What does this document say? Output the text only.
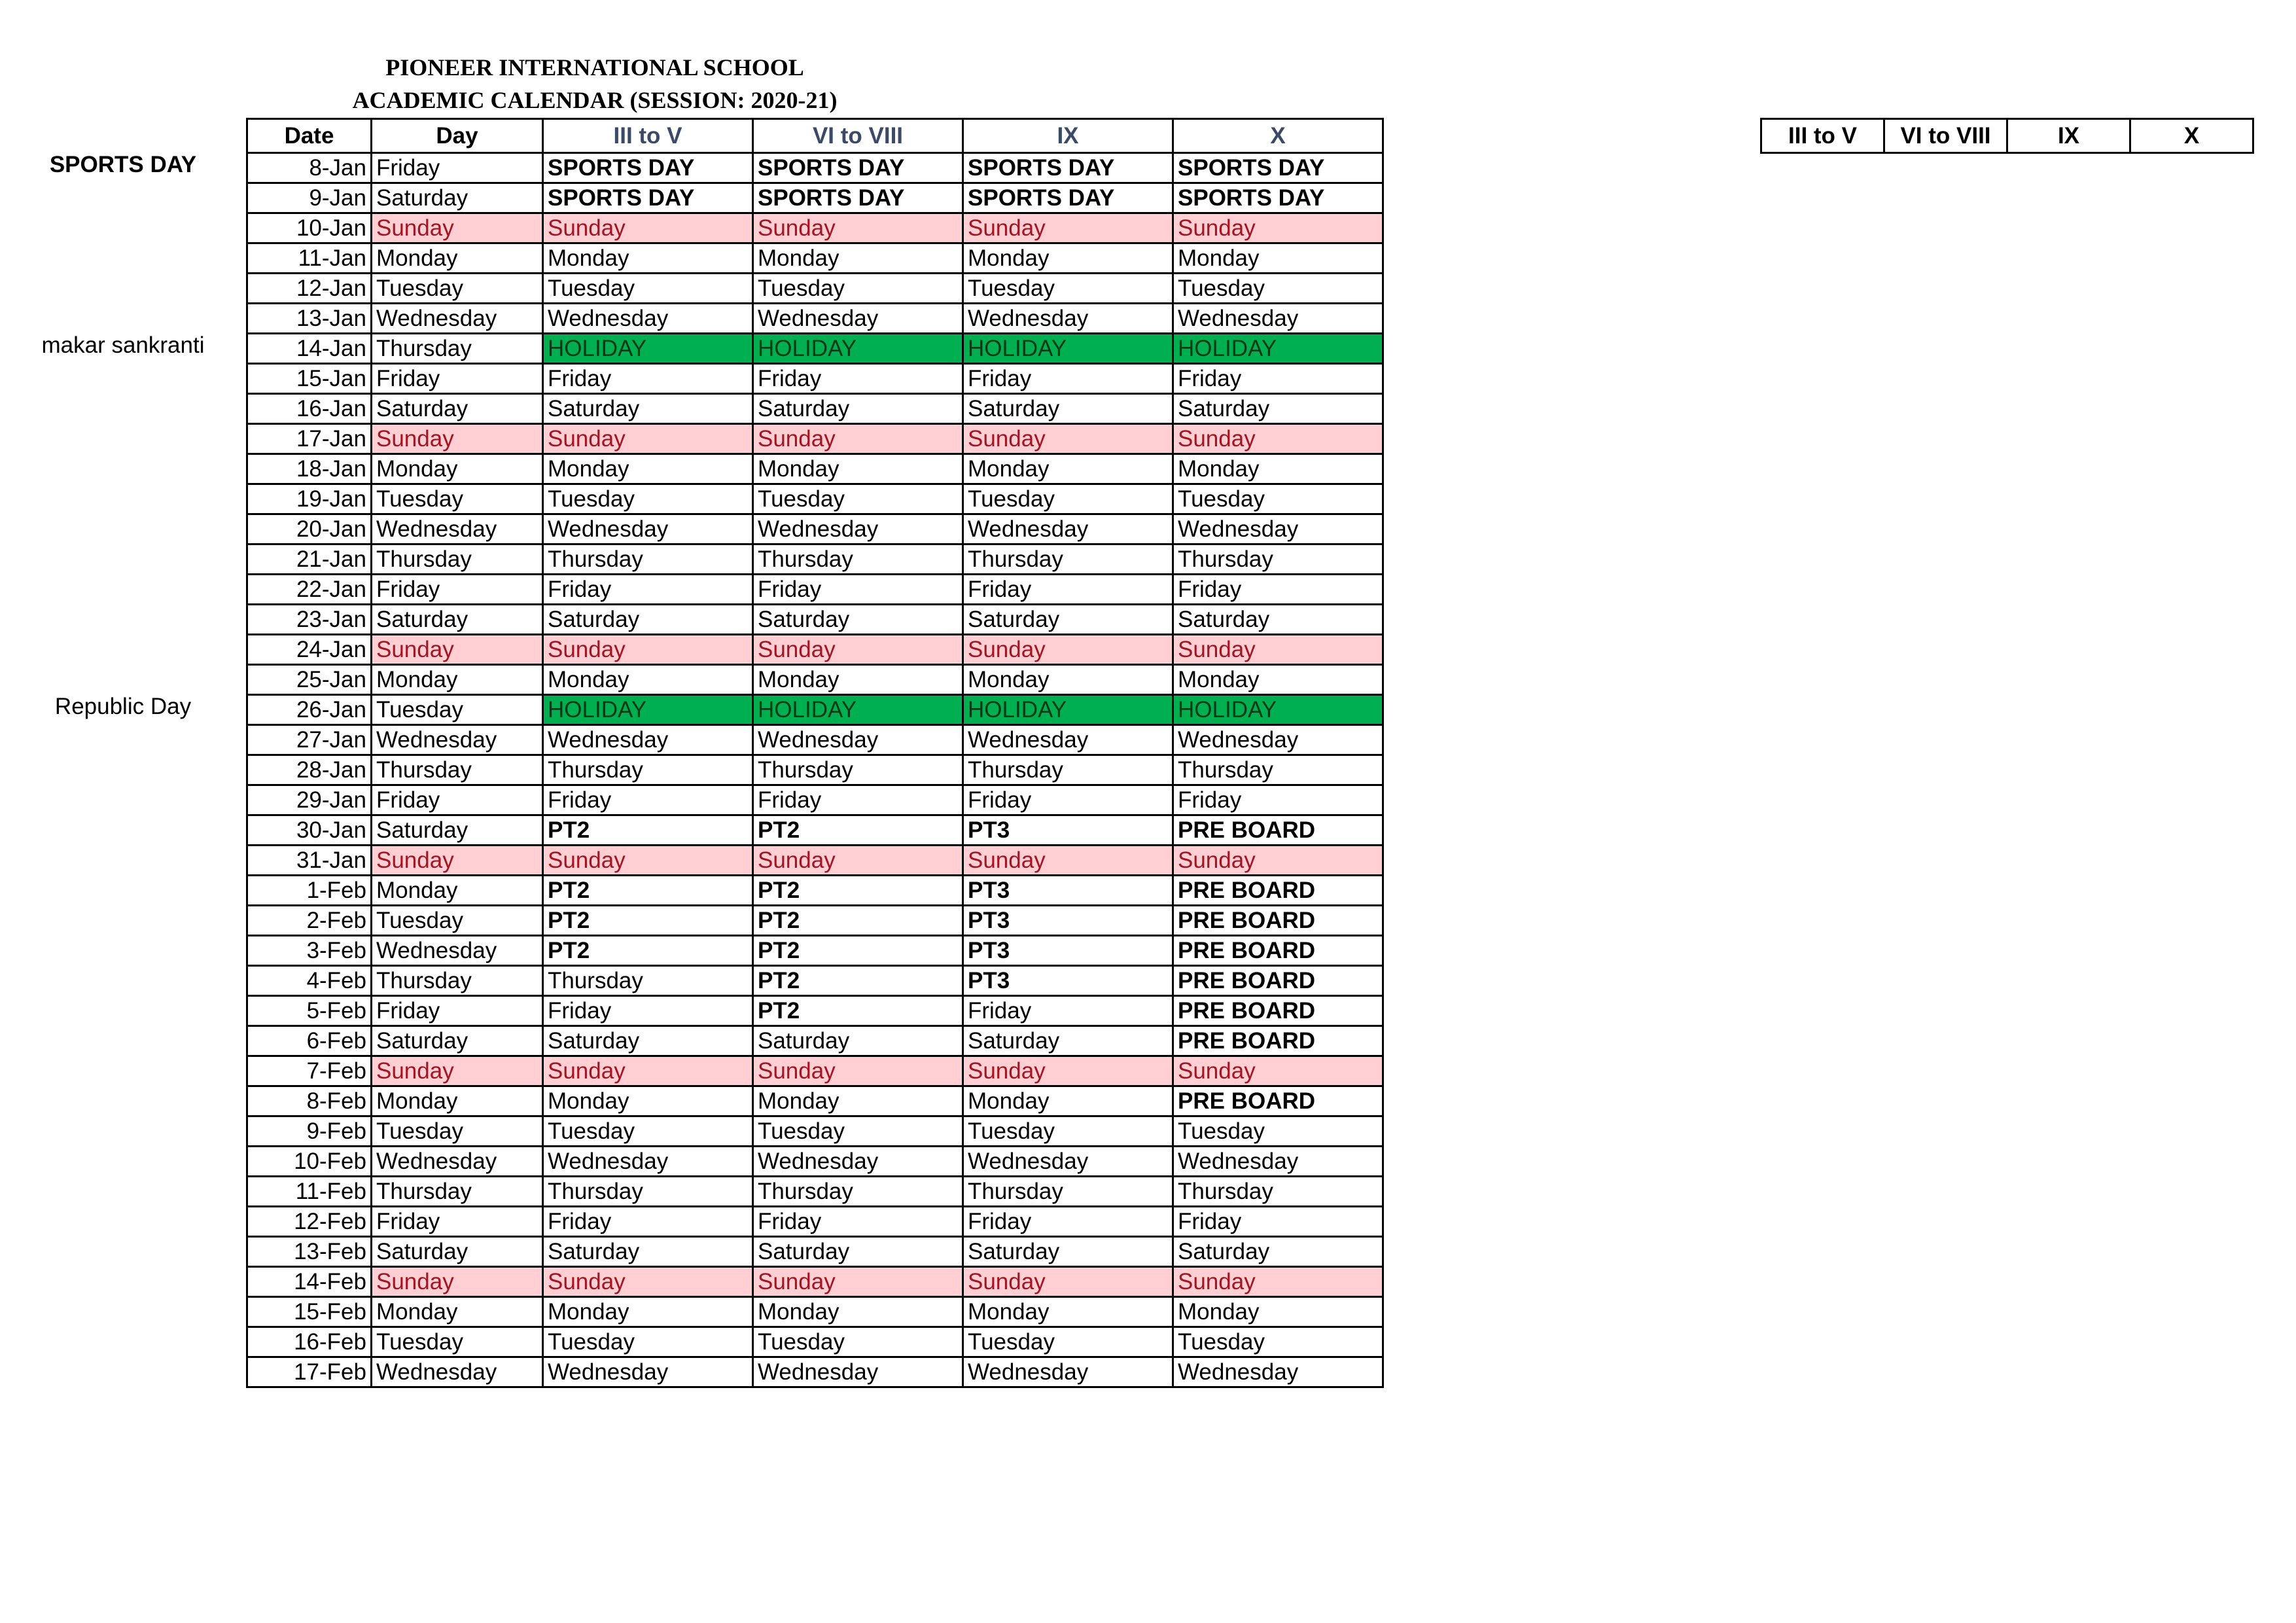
PIONEER INTERNATIONAL SCHOOL
ACADEMIC CALENDAR (SESSION: 2020-21)
Date	Day	III to V	VI to VIII	IX	X
8-Jan	Friday	SPORTS DAY	SPORTS DAY	SPORTS DAY	SPORTS DAY
9-Jan	Saturday	SPORTS DAY	SPORTS DAY	SPORTS DAY	SPORTS DAY
10-Jan	Sunday	Sunday	Sunday	Sunday	Sunday
11-Jan	Monday	Monday	Monday	Monday	Monday
12-Jan	Tuesday	Tuesday	Tuesday	Tuesday	Tuesday
13-Jan	Wednesday	Wednesday	Wednesday	Wednesday	Wednesday
14-Jan	Thursday	HOLIDAY	HOLIDAY	HOLIDAY	HOLIDAY
15-Jan	Friday	Friday	Friday	Friday	Friday
16-Jan	Saturday	Saturday	Saturday	Saturday	Saturday
17-Jan	Sunday	Sunday	Sunday	Sunday	Sunday
18-Jan	Monday	Monday	Monday	Monday	Monday
19-Jan	Tuesday	Tuesday	Tuesday	Tuesday	Tuesday
20-Jan	Wednesday	Wednesday	Wednesday	Wednesday	Wednesday
21-Jan	Thursday	Thursday	Thursday	Thursday	Thursday
22-Jan	Friday	Friday	Friday	Friday	Friday
23-Jan	Saturday	Saturday	Saturday	Saturday	Saturday
24-Jan	Sunday	Sunday	Sunday	Sunday	Sunday
25-Jan	Monday	Monday	Monday	Monday	Monday
26-Jan	Tuesday	HOLIDAY	HOLIDAY	HOLIDAY	HOLIDAY
27-Jan	Wednesday	Wednesday	Wednesday	Wednesday	Wednesday
28-Jan	Thursday	Thursday	Thursday	Thursday	Thursday
29-Jan	Friday	Friday	Friday	Friday	Friday
30-Jan	Saturday	PT2	PT2	PT3	PRE BOARD
31-Jan	Sunday	Sunday	Sunday	Sunday	Sunday
1-Feb	Monday	PT2	PT2	PT3	PRE BOARD
2-Feb	Tuesday	PT2	PT2	PT3	PRE BOARD
3-Feb	Wednesday	PT2	PT2	PT3	PRE BOARD
4-Feb	Thursday	Thursday	PT2	PT3	PRE BOARD
5-Feb	Friday	Friday	PT2	Friday	PRE BOARD
6-Feb	Saturday	Saturday	Saturday	Saturday	PRE BOARD
7-Feb	Sunday	Sunday	Sunday	Sunday	Sunday
8-Feb	Monday	Monday	Monday	Monday	PRE BOARD
9-Feb	Tuesday	Tuesday	Tuesday	Tuesday	Tuesday
10-Feb	Wednesday	Wednesday	Wednesday	Wednesday	Wednesday
11-Feb	Thursday	Thursday	Thursday	Thursday	Thursday
12-Feb	Friday	Friday	Friday	Friday	Friday
13-Feb	Saturday	Saturday	Saturday	Saturday	Saturday
14-Feb	Sunday	Sunday	Sunday	Sunday	Sunday
15-Feb	Monday	Monday	Monday	Monday	Monday
16-Feb	Tuesday	Tuesday	Tuesday	Tuesday	Tuesday
17-Feb	Wednesday	Wednesday	Wednesday	Wednesday	Wednesday
	III to V	VI to VIII	IX	X
SPORTS DAY
makar sankranti
Republic Day
